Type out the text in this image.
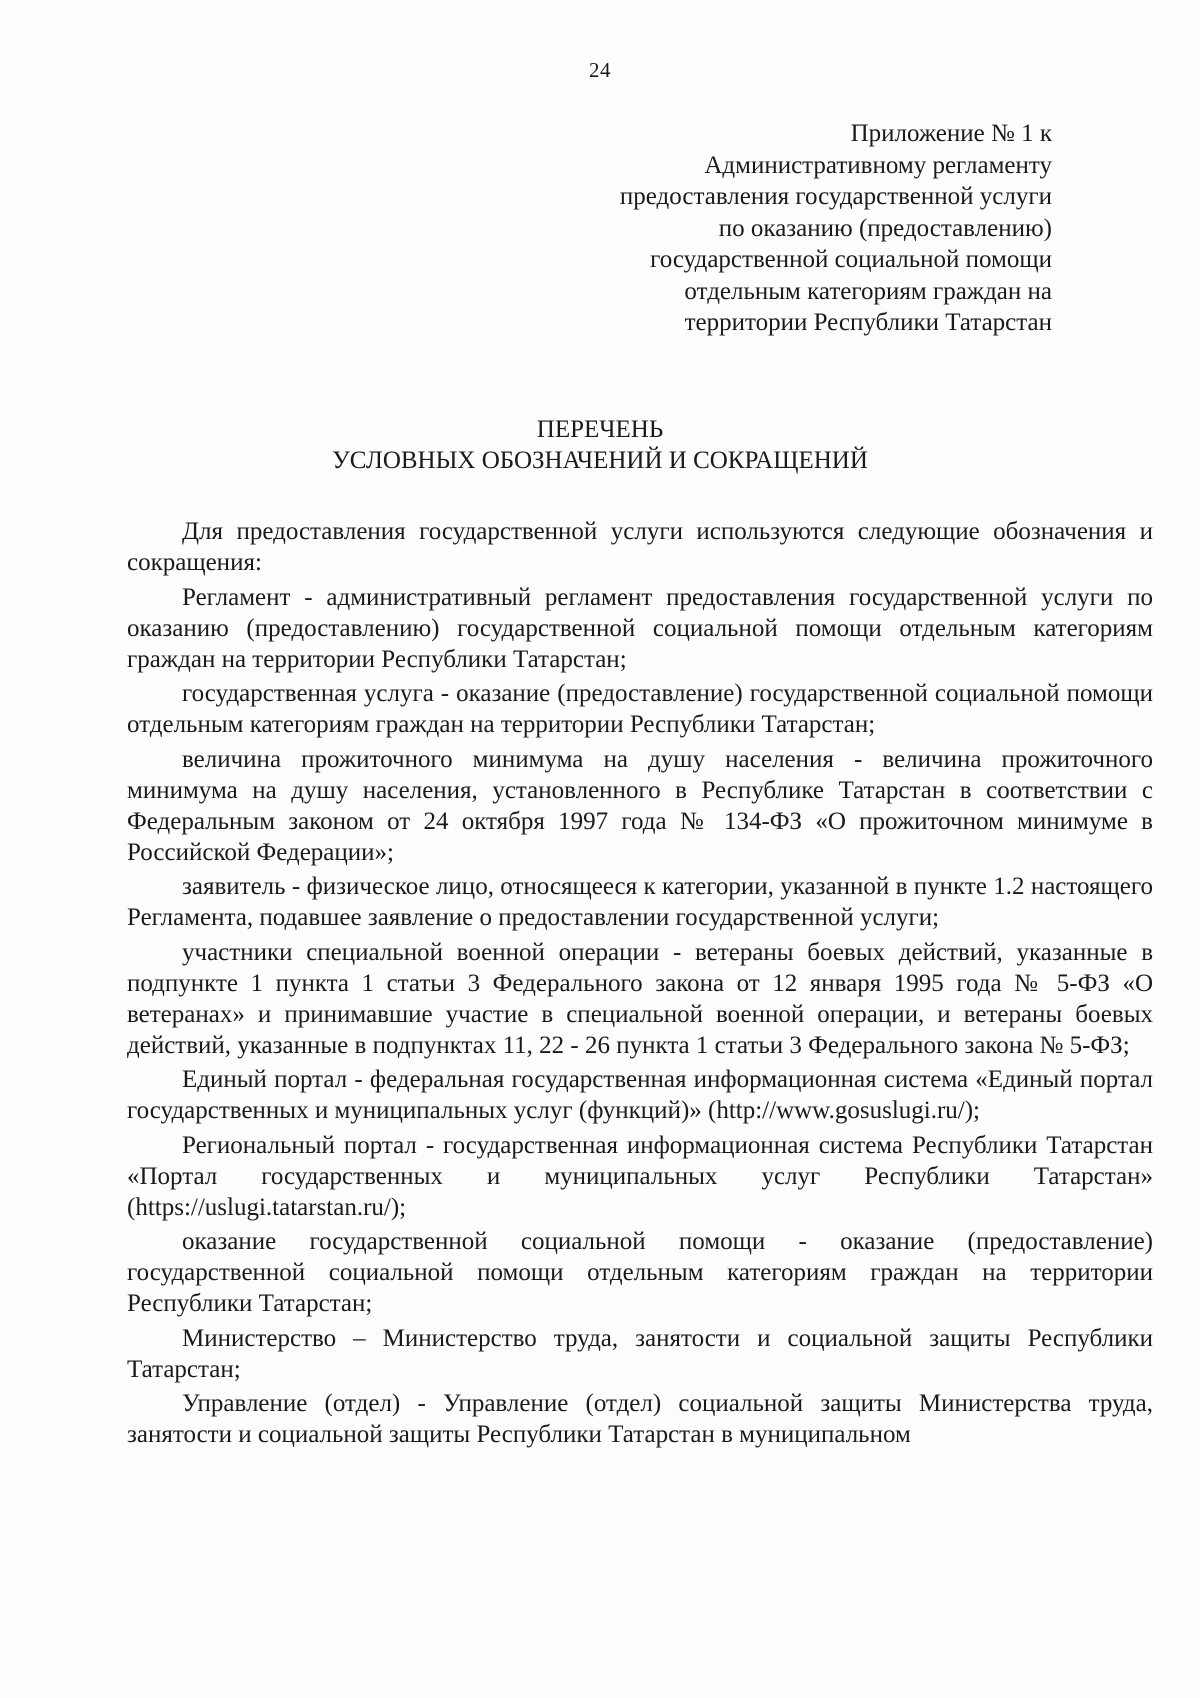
24
Приложение № 1 к
Административному регламенту
предоставления государственной услуги
по оказанию (предоставлению)
государственной социальной помощи
отдельным категориям граждан на
территории Республики Татарстан
ПЕРЕЧЕНЬ
УСЛОВНЫХ ОБОЗНАЧЕНИЙ И СОКРАЩЕНИЙ

Для предоставления государственной услуги используются следующие обозначения и сокращения:

Регламент - административный регламент предоставления государственной услуги по оказанию (предоставлению) государственной социальной помощи отдельным категориям граждан на территории Республики Татарстан;

государственная услуга - оказание (предоставление) государственной социальной помощи отдельным категориям граждан на территории Республики Татарстан;

величина прожиточного минимума на душу населения - величина прожиточного минимума на душу населения, установленного в Республике Татарстан в соответствии с Федеральным законом от 24 октября 1997 года № 134-ФЗ «О прожиточном минимуме в Российской Федерации»;

заявитель - физическое лицо, относящееся к категории, указанной в пункте 1.2 настоящего Регламента, подавшее заявление о предоставлении государственной услуги;

участники специальной военной операции - ветераны боевых действий, указанные в подпункте 1 пункта 1 статьи 3 Федерального закона от 12 января 1995 года № 5-ФЗ «О ветеранах» и принимавшие участие в специальной военной операции, и ветераны боевых действий, указанные в подпунктах 11, 22 - 26 пункта 1 статьи 3 Федерального закона № 5-ФЗ;

Единый портал - федеральная государственная информационная система «Единый портал государственных и муниципальных услуг (функций)» (http://www.gosuslugi.ru/);

Региональный портал - государственная информационная система Республики Татарстан «Портал государственных и муниципальных услуг Республики Татарстан» (https://uslugi.tatarstan.ru/);

оказание государственной социальной помощи - оказание (предоставление) государственной социальной помощи отдельным категориям граждан на территории Республики Татарстан;

Министерство – Министерство труда, занятости и социальной защиты Республики Татарстан;

Управление (отдел) - Управление (отдел) социальной защиты Министерства труда, занятости и социальной защиты Республики Татарстан в муниципальном
